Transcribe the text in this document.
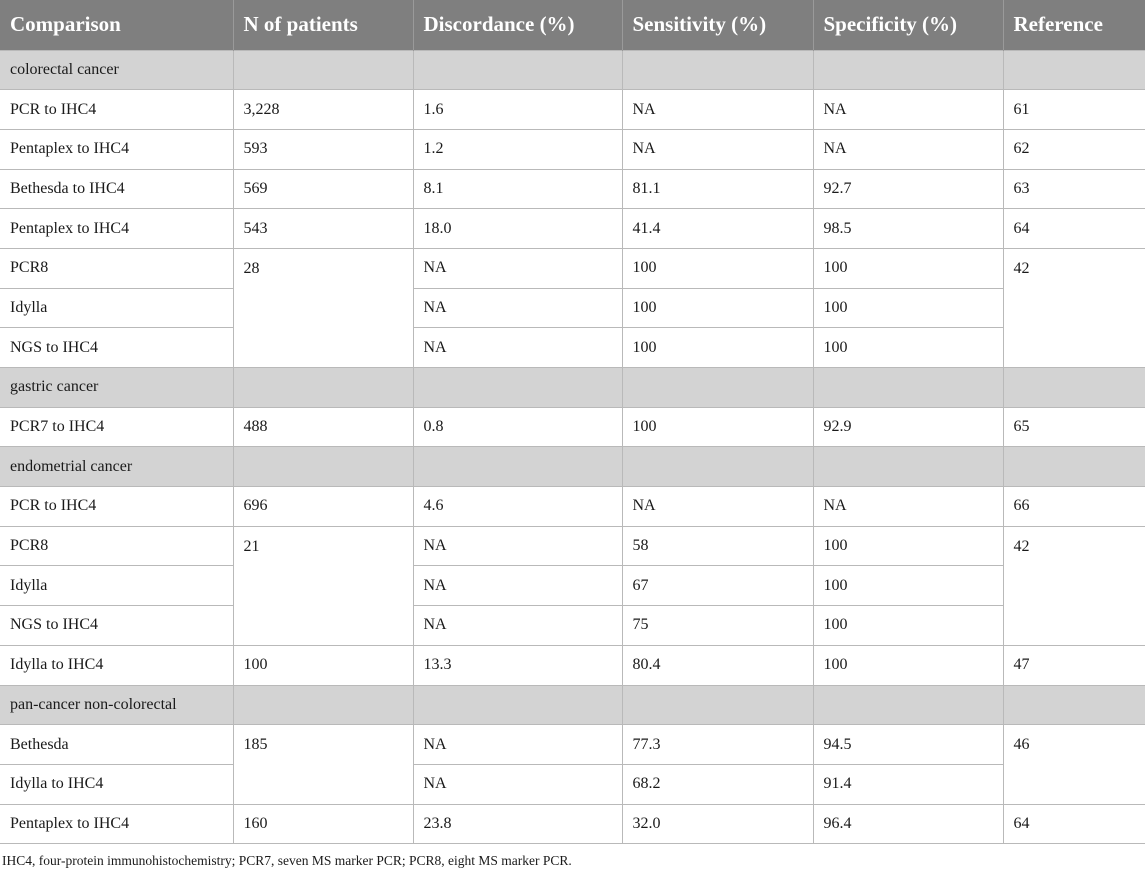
Comparison	N of patients	Discordance (%)	Sensitivity (%)	Specificity (%)	Reference
colorectal cancer					
PCR to IHC4	3,228	1.6	NA	NA	61
Pentaplex to IHC4	593	1.2	NA	NA	62
Bethesda to IHC4	569	8.1	81.1	92.7	63
Pentaplex to IHC4	543	18.0	41.4	98.5	64
PCR8	28	NA	100	100	42
Idylla		NA	100	100	
NGS to IHC4		NA	100	100	
gastric cancer					
PCR7 to IHC4	488	0.8	100	92.9	65
endometrial cancer					
PCR to IHC4	696	4.6	NA	NA	66
PCR8	21	NA	58	100	42
Idylla		NA	67	100	
NGS to IHC4		NA	75	100	
Idylla to IHC4	100	13.3	80.4	100	47
pan-cancer non-colorectal					
Bethesda	185	NA	77.3	94.5	46
Idylla to IHC4		NA	68.2	91.4	
Pentaplex to IHC4	160	23.8	32.0	96.4	64
IHC4, four-protein immunohistochemistry; PCR7, seven MS marker PCR; PCR8, eight MS marker PCR.
